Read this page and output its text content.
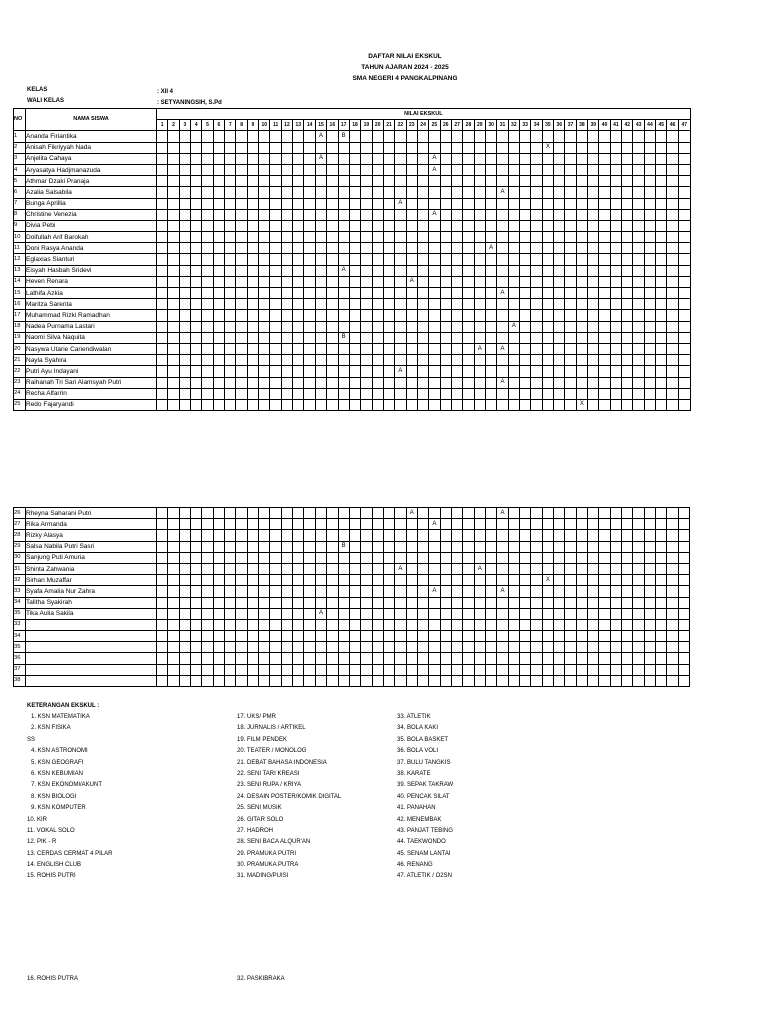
DAFTAR NILAI EKSKUL
TAHUN AJARAN 2024 - 2025
SMA NEGERI 4 PANGKALPINANG
KELAS	: XII 4
WALI KELAS	: SETYANINGSIH, S.Pd
NO	NAMA SISWA	NILAI EKSKUL																																														
		1	2	3	4	5	6	7	8	9	10	11	12	13	14	15	16	17	18	19	20	21	22	23	24	25	26	27	28	29	30	31	32	33	34	35	36	37	38	39	40	41	42	43	44	45	46	47
1	Ananda Firiantika															A		B																														
2	Anisah Fikriyyah Nada																																			X												
3	Anjelita Cahaya															A										A																						
4	Aryasatya Hadjmanazuda																									A																						
5	Athmar Dzaki Pranaja																																															
6	Azalia Salsabila																															A																
7	Bunga Aprillia																						A																									
8	Christine Venezia																									A																						
9	Divia Pebi																																															
10	Doifullah Arif Barokah																																															
11	Doni Rasya Ananda																														A																	
12	Eglaxias Sianturi																																															
13	Eisyah Hasbah Sridevi																	A																														
14	Heven Renara																							A																								
15	Lathifa Azkia																															A																
16	Maritza Sarenta																																															
17	Muhammad Rizki Ramadhan																																															
18	Nadea Purnama Lastari																																A															
19	Naomi Silva Naquita																	B																														
20	Nasywa Utarie Cariendiwalan																													A		A																
21	Nayla Syahira																																															
22	Putri Ayu Indayani																						A																									
23	Raihanah Tri Sari Alamsyah Putri																															A																
24	Recha Alfarrin																																															
25	Redo Fajaryandi																																						X									
26	Rheyna Saharani Putri																							A								A																
27	Rika Armanda																									A																						
28	Rizky Alasya																																															
29	Salsa Nabila Putri Sasri																	B																														
30	Sanjung Puti Amuria																																															
31	Shinta Zahwania																						A							A																		
32	Sirhan Muzaffar																																			X												
33	Syafa Amalia Nur Zahra																									A						A																
34	Talitha Syakirah																																															
35	Tika Aulia Sakila															A																																
33																																																
34																																																
35																																																
36																																																
37																																																
38																																																
KETERANGAN EKSKUL :
1. KSN MATEMATIKA
2. KSN FISIKA
SS
4. KSN ASTRONOMI
5. KSN GEOGRAFI
6. KSN KEBUMIAN
7. KSN EKONOMI/AKUNT
8. KSN BIOLOGI
9. KSN KOMPUTER
10. KIR
11. VOKAL SOLO
12. PIK - R
13. CERDAS CERMAT 4 PILAR
14. ENGLISH CLUB
15. ROHIS PUTRI
17. UKS/ PMR
18. JURNALIS / ARTIKEL
19. FILM PENDEK
20. TEATER / MONOLOG
21. DEBAT BAHASA INDONESIA
22. SENI TARI KREASI
23. SENI RUPA / KRIYA
24. DESAIN POSTER/KOMIK DIGITAL
25. SENI MUSIK
26. GITAR SOLO
27. HADROH
28. SENI BACA ALQUR'AN
29. PRAMUKA PUTRI
30. PRAMUKA PUTRA
31. MADING/PUISI
33. ATLETIK
34. BOLA KAKI
35. BOLA BASKET
36. BOLA VOLI
37. BULU TANGKIS
38. KARATE
39. SEPAK TAKRAW
40. PENCAK SILAT
41. PANAHAN
42. MENEMBAK
43. PANJAT TEBING
44. TAEKWONDO
45. SENAM LANTAI
46. RENANG
47. ATLETIK / O2SN
16. ROHIS PUTRA	32. PASKIBRAKA
